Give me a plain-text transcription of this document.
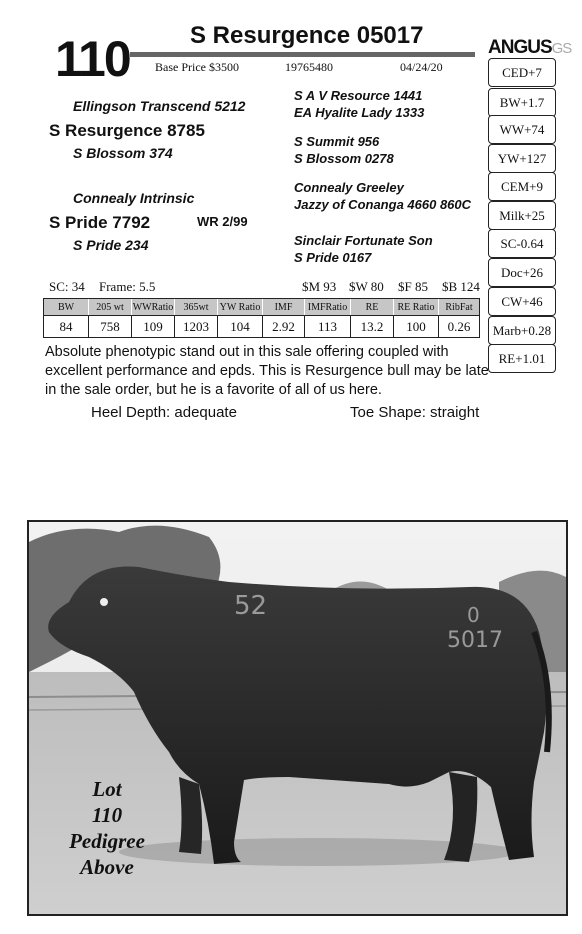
110	S Resurgence 05017
Base Price $3500	19765480	04/24/20
ANGUSGS
Ellingson Transcend 5212
S Resurgence 8785
S Blossom 374
Connealy Intrinsic
S Pride 7792	WR 2/99
S Pride 234
S A V Resource 1441
EA Hyalite Lady 1333
S Summit 956
S Blossom 0278
Connealy Greeley
Jazzy of Conanga 4660 860C
Sinclair Fortunate Son
S Pride 0167
CED+7
BW+1.7
WW+74
YW+127
CEM+9
Milk+25
SC-0.64
Doc+26
CW+46
Marb+0.28
RE+1.01
SC: 34 Frame: 5.5	$M 93 $W 80 $F 85 $B 124
BW	205 wt	WWRatio	365wt	YW Ratio	IMF	IMFRatio	RE	RE Ratio	RibFat
84	758	109	1203	104	2.92	113	13.2	100	0.26
Absolute phenotypic stand out in this sale offering coupled with excellent performance and epds. This is Resurgence bull may be late in the sale order, but he is a favorite of all of us here.
Heel Depth: adequate	Toe Shape: straight
52	0
5017
Lot
110
Pedigree
Above
